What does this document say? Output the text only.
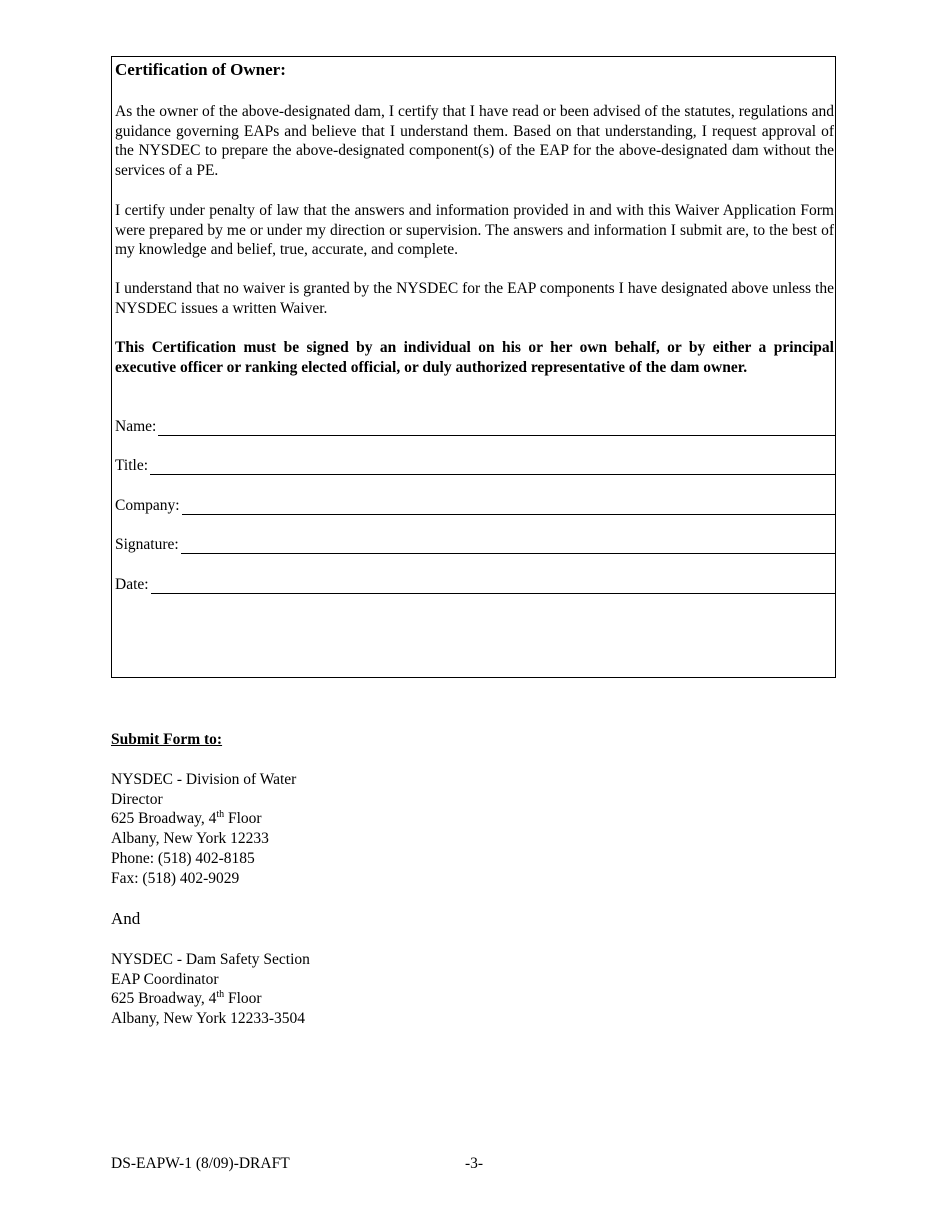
Certification of Owner:

As the owner of the above-designated dam, I certify that I have read or been advised of the statutes, regulations and guidance governing EAPs and believe that I understand them. Based on that understanding, I request approval of the NYSDEC to prepare the above-designated component(s) of the EAP for the above-designated dam without the services of a PE.

I certify under penalty of law that the answers and information provided in and with this Waiver Application Form were prepared by me or under my direction or supervision. The answers and information I submit are, to the best of my knowledge and belief, true, accurate, and complete.

I understand that no waiver is granted by the NYSDEC for the EAP components I have designated above unless the NYSDEC issues a written Waiver.

This Certification must be signed by an individual on his or her own behalf, or by either a principal executive officer or ranking elected official, or duly authorized representative of the dam owner.

Name:
Title:
Company:
Signature:
Date:

Submit Form to:

NYSDEC - Division of Water
Director
625 Broadway, 4th Floor
Albany, New York 12233
Phone: (518) 402-8185
Fax: (518) 402-9029

And

NYSDEC - Dam Safety Section
EAP Coordinator
625 Broadway, 4th Floor
Albany, New York 12233-3504
DS-EAPW-1 (8/09)-DRAFT	-3-
